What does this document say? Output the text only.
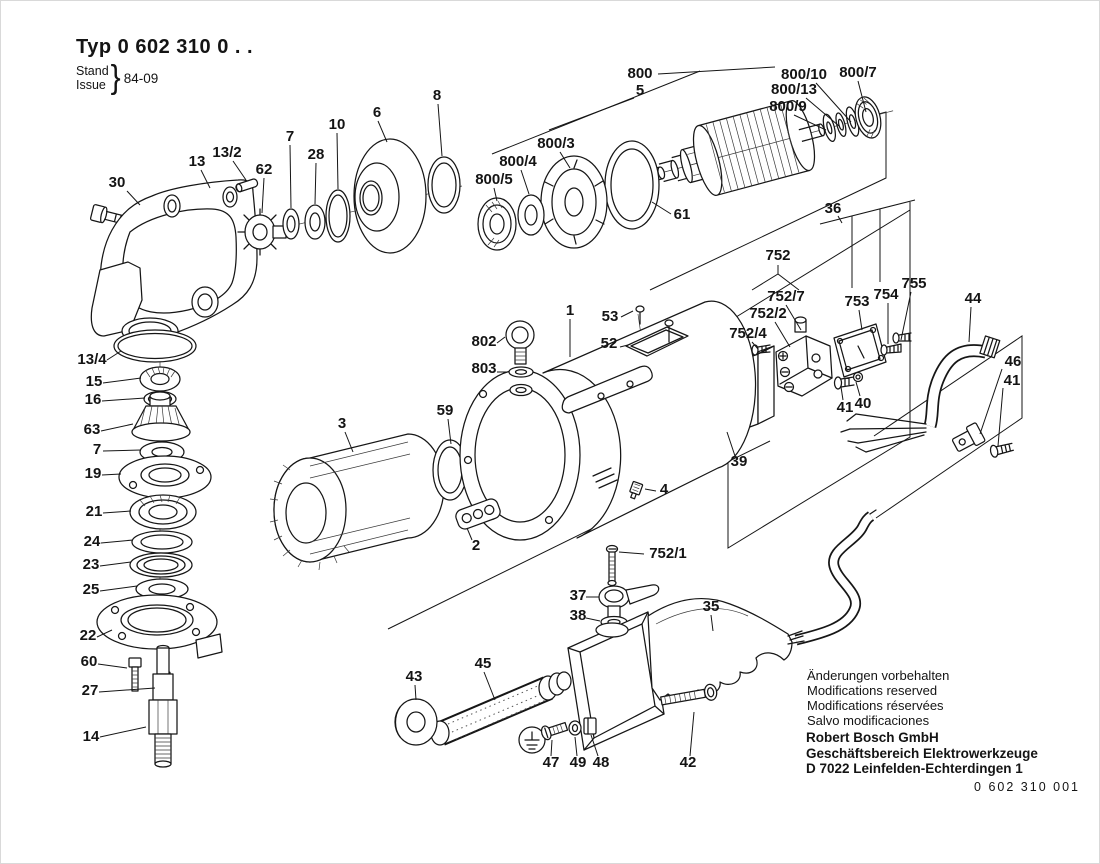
Typ 0 602 310 0 . .
Stand
Issue } 84-09
30
13
13/2
62
7
28
10
6
8
800
5
800/5
800/4
800/3
61
800/9
800/13
800/10 800/7
802
803
1 53
52
36
752
752/7
752/2
752/4
753 754
755
44
46
41
41 40
39
2
3
59
4
752/1
37
38
35
45
43
47 49 48	42
22
60
27
14
13/4
15
16
63
7
19
21
24
23
25
Änderungen vorbehalten
Modifications reserved
Modifications réservées
Salvo modificaciones
Robert Bosch GmbH
Geschäftsbereich Elektrowerkzeuge
D 7022 Leinfelden-Echterdingen 1
0 602 310 001
